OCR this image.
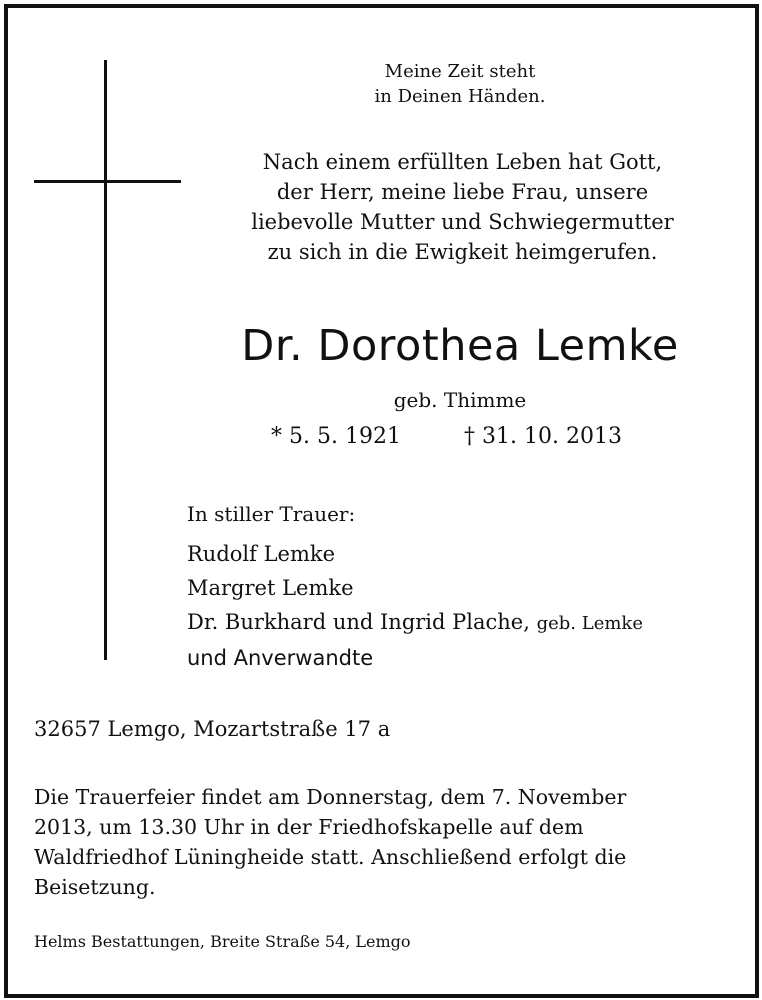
Meine Zeit steht
in Deinen Händen.
Nach einem erfüllten Leben hat Gott,
der Herr, meine liebe Frau, unsere
liebevolle Mutter und Schwiegermutter
zu sich in die Ewigkeit heimgerufen.
Dr. Dorothea Lemke
geb. Thimme
* 5. 5. 1921	† 31. 10. 2013
In stiller Trauer:
Rudolf Lemke
Margret Lemke
Dr. Burkhard und Ingrid Plache, geb. Lemke
und Anverwandte
32657 Lemgo, Mozartstraße 17 a
Die Trauerfeier findet am Donnerstag, dem 7. November
2013, um 13.30 Uhr in der Friedhofskapelle auf dem
Waldfriedhof Lüningheide statt. Anschließend erfolgt die
Beisetzung.
Helms Bestattungen, Breite Straße 54, Lemgo
